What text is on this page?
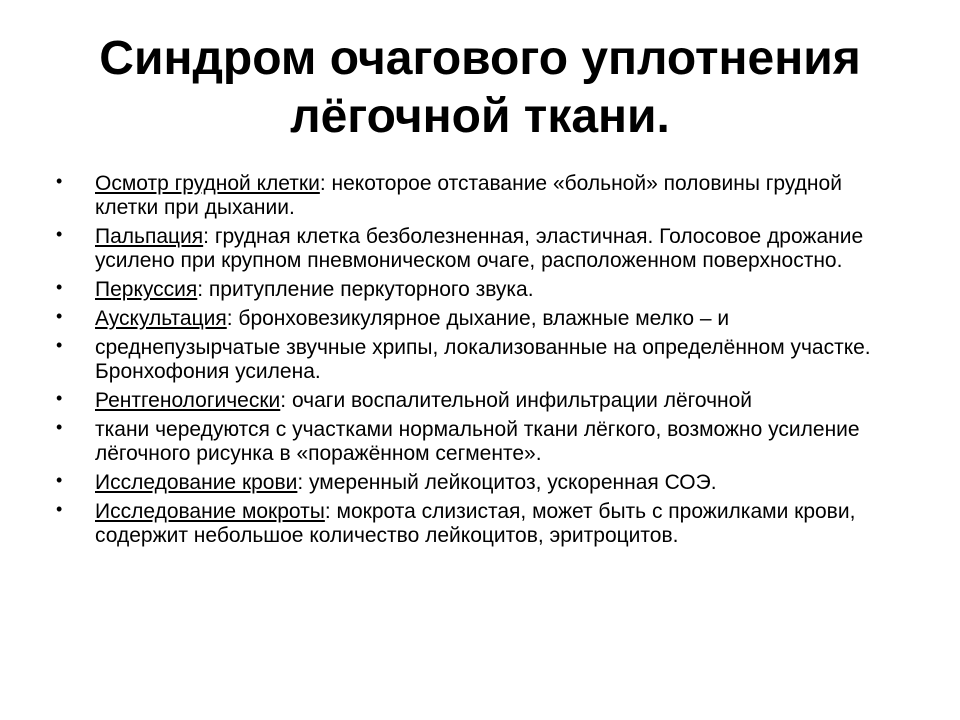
Синдром очагового уплотнения
лёгочной ткани.
• Осмотр грудной клетки: некоторое отставание «больной» половины грудной клетки при дыхании.
• Пальпация: грудная клетка безболезненная, эластичная. Голосовое дрожание усилено при крупном пневмоническом очаге, расположенном поверхностно.
• Перкуссия: притупление перкуторного звука.
• Аускультация: бронховезикулярное дыхание, влажные мелко – и
• среднепузырчатые звучные хрипы, локализованные на определённом участке. Бронхофония усилена.
• Рентгенологически: очаги воспалительной инфильтрации лёгочной
• ткани чередуются с участками нормальной ткани лёгкого, возможно усиление лёгочного рисунка в «поражённом сегменте».
• Исследование крови: умеренный лейкоцитоз, ускоренная СОЭ.
• Исследование мокроты: мокрота слизистая, может быть с прожилками крови, содержит небольшое количество лейкоцитов, эритроцитов.
